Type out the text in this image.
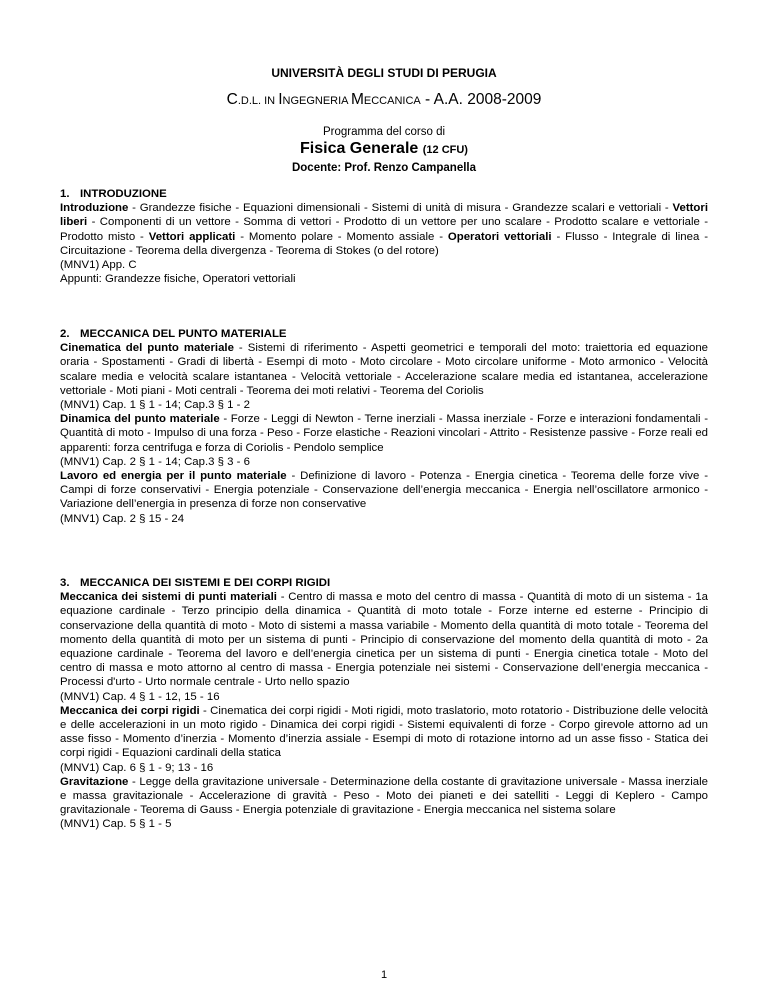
UNIVERSITÀ DEGLI STUDI DI PERUGIA
C.D.L. IN INGEGNERIA MECCANICA - A.A. 2008-2009
Programma del corso di
Fisica Generale (12 CFU)
Docente: Prof. Renzo Campanella

1. INTRODUZIONE

Introduzione - Grandezze fisiche - Equazioni dimensionali - Sistemi di unità di misura - Grandezze scalari e vettoriali - Vettori liberi - Componenti di un vettore - Somma di vettori - Prodotto di un vettore per uno scalare - Prodotto scalare e vettoriale - Prodotto misto - Vettori applicati - Momento polare - Momento assiale - Operatori vettoriali - Flusso - Integrale di linea - Circuitazione - Teorema della divergenza - Teorema di Stokes (o del rotore)

(MNV1) App. C

Appunti: Grandezze fisiche, Operatori vettoriali

2. MECCANICA DEL PUNTO MATERIALE

Cinematica del punto materiale - Sistemi di riferimento - Aspetti geometrici e temporali del moto: traiettoria ed equazione oraria - Spostamenti - Gradi di libertà - Esempi di moto - Moto circolare - Moto circolare uniforme - Moto armonico - Velocità scalare media e velocità scalare istantanea - Velocità vettoriale - Accelerazione scalare media ed istantanea, accelerazione vettoriale - Moti piani - Moti centrali - Teorema dei moti relativi - Teorema del Coriolis

(MNV1) Cap. 1 § 1 - 14; Cap.3 § 1 - 2

Dinamica del punto materiale - Forze - Leggi di Newton - Terne inerziali - Massa inerziale - Forze e interazioni fondamentali - Quantità di moto - Impulso di una forza - Peso - Forze elastiche - Reazioni vincolari - Attrito - Resistenze passive - Forze reali ed apparenti: forza centrifuga e forza di Coriolis - Pendolo semplice

(MNV1) Cap. 2 § 1 - 14; Cap.3 § 3 - 6

Lavoro ed energia per il punto materiale - Definizione di lavoro - Potenza - Energia cinetica - Teorema delle forze vive - Campi di forze conservativi - Energia potenziale - Conservazione dell’energia meccanica - Energia nell’oscillatore armonico - Variazione dell’energia in presenza di forze non conservative

(MNV1) Cap. 2 § 15 - 24

3. MECCANICA DEI SISTEMI E DEI CORPI RIGIDI

Meccanica dei sistemi di punti materiali - Centro di massa e moto del centro di massa - Quantità di moto di un sistema - 1a equazione cardinale - Terzo principio della dinamica - Quantità di moto totale - Forze interne ed esterne - Principio di conservazione della quantità di moto - Moto di sistemi a massa variabile - Momento della quantità di moto totale - Teorema del momento della quantità di moto per un sistema di punti - Principio di conservazione del momento della quantità di moto - 2a equazione cardinale - Teorema del lavoro e dell’energia cinetica per un sistema di punti - Energia cinetica totale - Moto del centro di massa e moto attorno al centro di massa - Energia potenziale nei sistemi - Conservazione dell’energia meccanica - Processi d'urto - Urto normale centrale - Urto nello spazio

(MNV1) Cap. 4 § 1 - 12, 15 - 16

Meccanica dei corpi rigidi - Cinematica dei corpi rigidi - Moti rigidi, moto traslatorio, moto rotatorio - Distribuzione delle velocità e delle accelerazioni in un moto rigido - Dinamica dei corpi rigidi - Sistemi equivalenti di forze - Corpo girevole attorno ad un asse fisso - Momento d’inerzia - Momento d’inerzia assiale - Esempi di moto di rotazione intorno ad un asse fisso - Statica dei corpi rigidi - Equazioni cardinali della statica

(MNV1) Cap. 6 § 1 - 9; 13 - 16

Gravitazione - Legge della gravitazione universale - Determinazione della costante di gravitazione universale - Massa inerziale e massa gravitazionale - Accelerazione di gravità - Peso - Moto dei pianeti e dei satelliti - Leggi di Keplero - Campo gravitazionale - Teorema di Gauss - Energia potenziale di gravitazione - Energia meccanica nel sistema solare

(MNV1) Cap. 5 § 1 - 5

1
